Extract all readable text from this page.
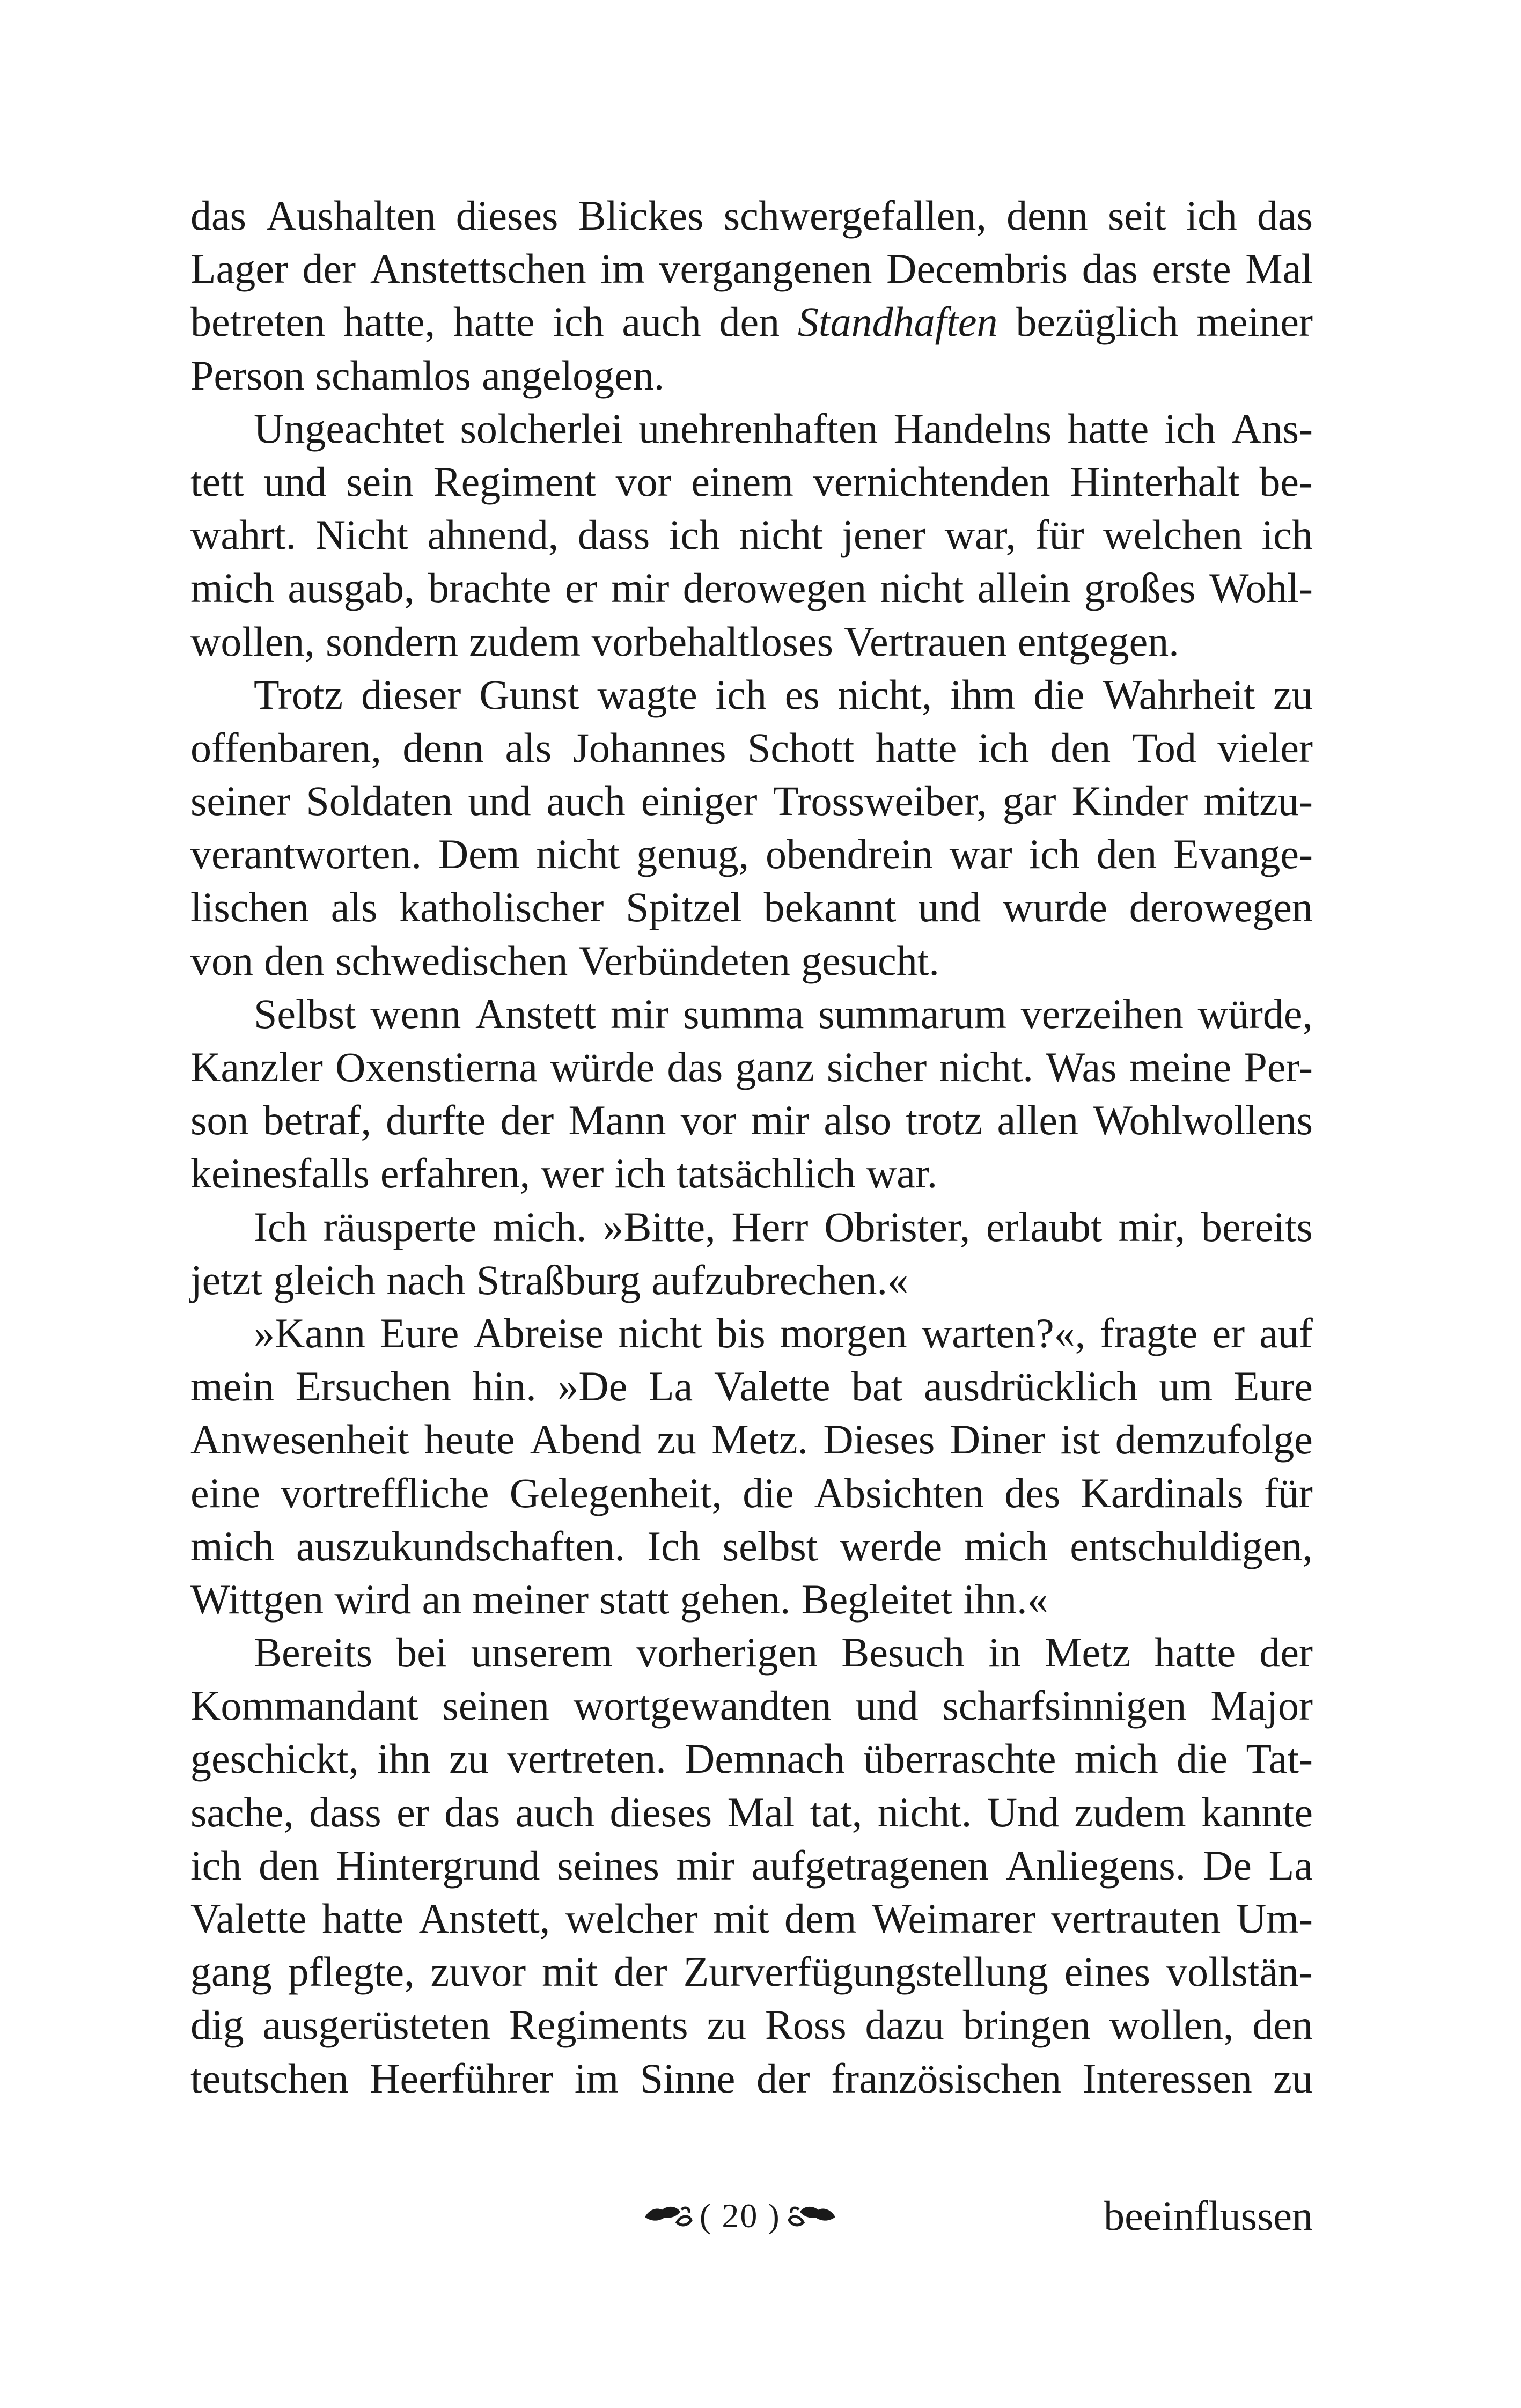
das Aushalten dieses Blickes schwergefallen, denn seit ich das
Lager der Anstettschen im vergangenen Decembris das erste Mal
betreten hatte, hatte ich auch den Standhaften bezüglich meiner
Person schamlos angelogen.
Ungeachtet solcherlei unehrenhaften Handelns hatte ich Ans-
tett und sein Regiment vor einem vernichtenden Hinterhalt be-
wahrt. Nicht ahnend, dass ich nicht jener war, für welchen ich
mich ausgab, brachte er mir derowegen nicht allein großes Wohl-
wollen, sondern zudem vorbehaltloses Vertrauen entgegen.
Trotz dieser Gunst wagte ich es nicht, ihm die Wahrheit zu
offenbaren, denn als Johannes Schott hatte ich den Tod vieler
seiner Soldaten und auch einiger Trossweiber, gar Kinder mitzu-
verantworten. Dem nicht genug, obendrein war ich den Evange-
lischen als katholischer Spitzel bekannt und wurde derowegen
von den schwedischen Verbündeten gesucht.
Selbst wenn Anstett mir summa summarum verzeihen würde,
Kanzler Oxenstierna würde das ganz sicher nicht. Was meine Per-
son betraf, durfte der Mann vor mir also trotz allen Wohlwollens
keinesfalls erfahren, wer ich tatsächlich war.
Ich räusperte mich. »Bitte, Herr Obrister, erlaubt mir, bereits
jetzt gleich nach Straßburg aufzubrechen.«
»Kann Eure Abreise nicht bis morgen warten?«, fragte er auf
mein Ersuchen hin. »De La Valette bat ausdrücklich um Eure
Anwesenheit heute Abend zu Metz. Dieses Diner ist demzufolge
eine vortreffliche Gelegenheit, die Absichten des Kardinals für
mich auszukundschaften. Ich selbst werde mich entschuldigen,
Wittgen wird an meiner statt gehen. Begleitet ihn.«
Bereits bei unserem vorherigen Besuch in Metz hatte der
Kommandant seinen wortgewandten und scharfsinnigen Major
geschickt, ihn zu vertreten. Demnach überraschte mich die Tat-
sache, dass er das auch dieses Mal tat, nicht. Und zudem kannte
ich den Hintergrund seines mir aufgetragenen Anliegens. De La
Valette hatte Anstett, welcher mit dem Weimarer vertrauten Um-
gang pflegte, zuvor mit der Zurverfügungstellung eines vollstän-
dig ausgerüsteten Regiments zu Ross dazu bringen wollen, den
teutschen Heerführer im Sinne der französischen Interessen zu
( 20 )	beeinflussen
